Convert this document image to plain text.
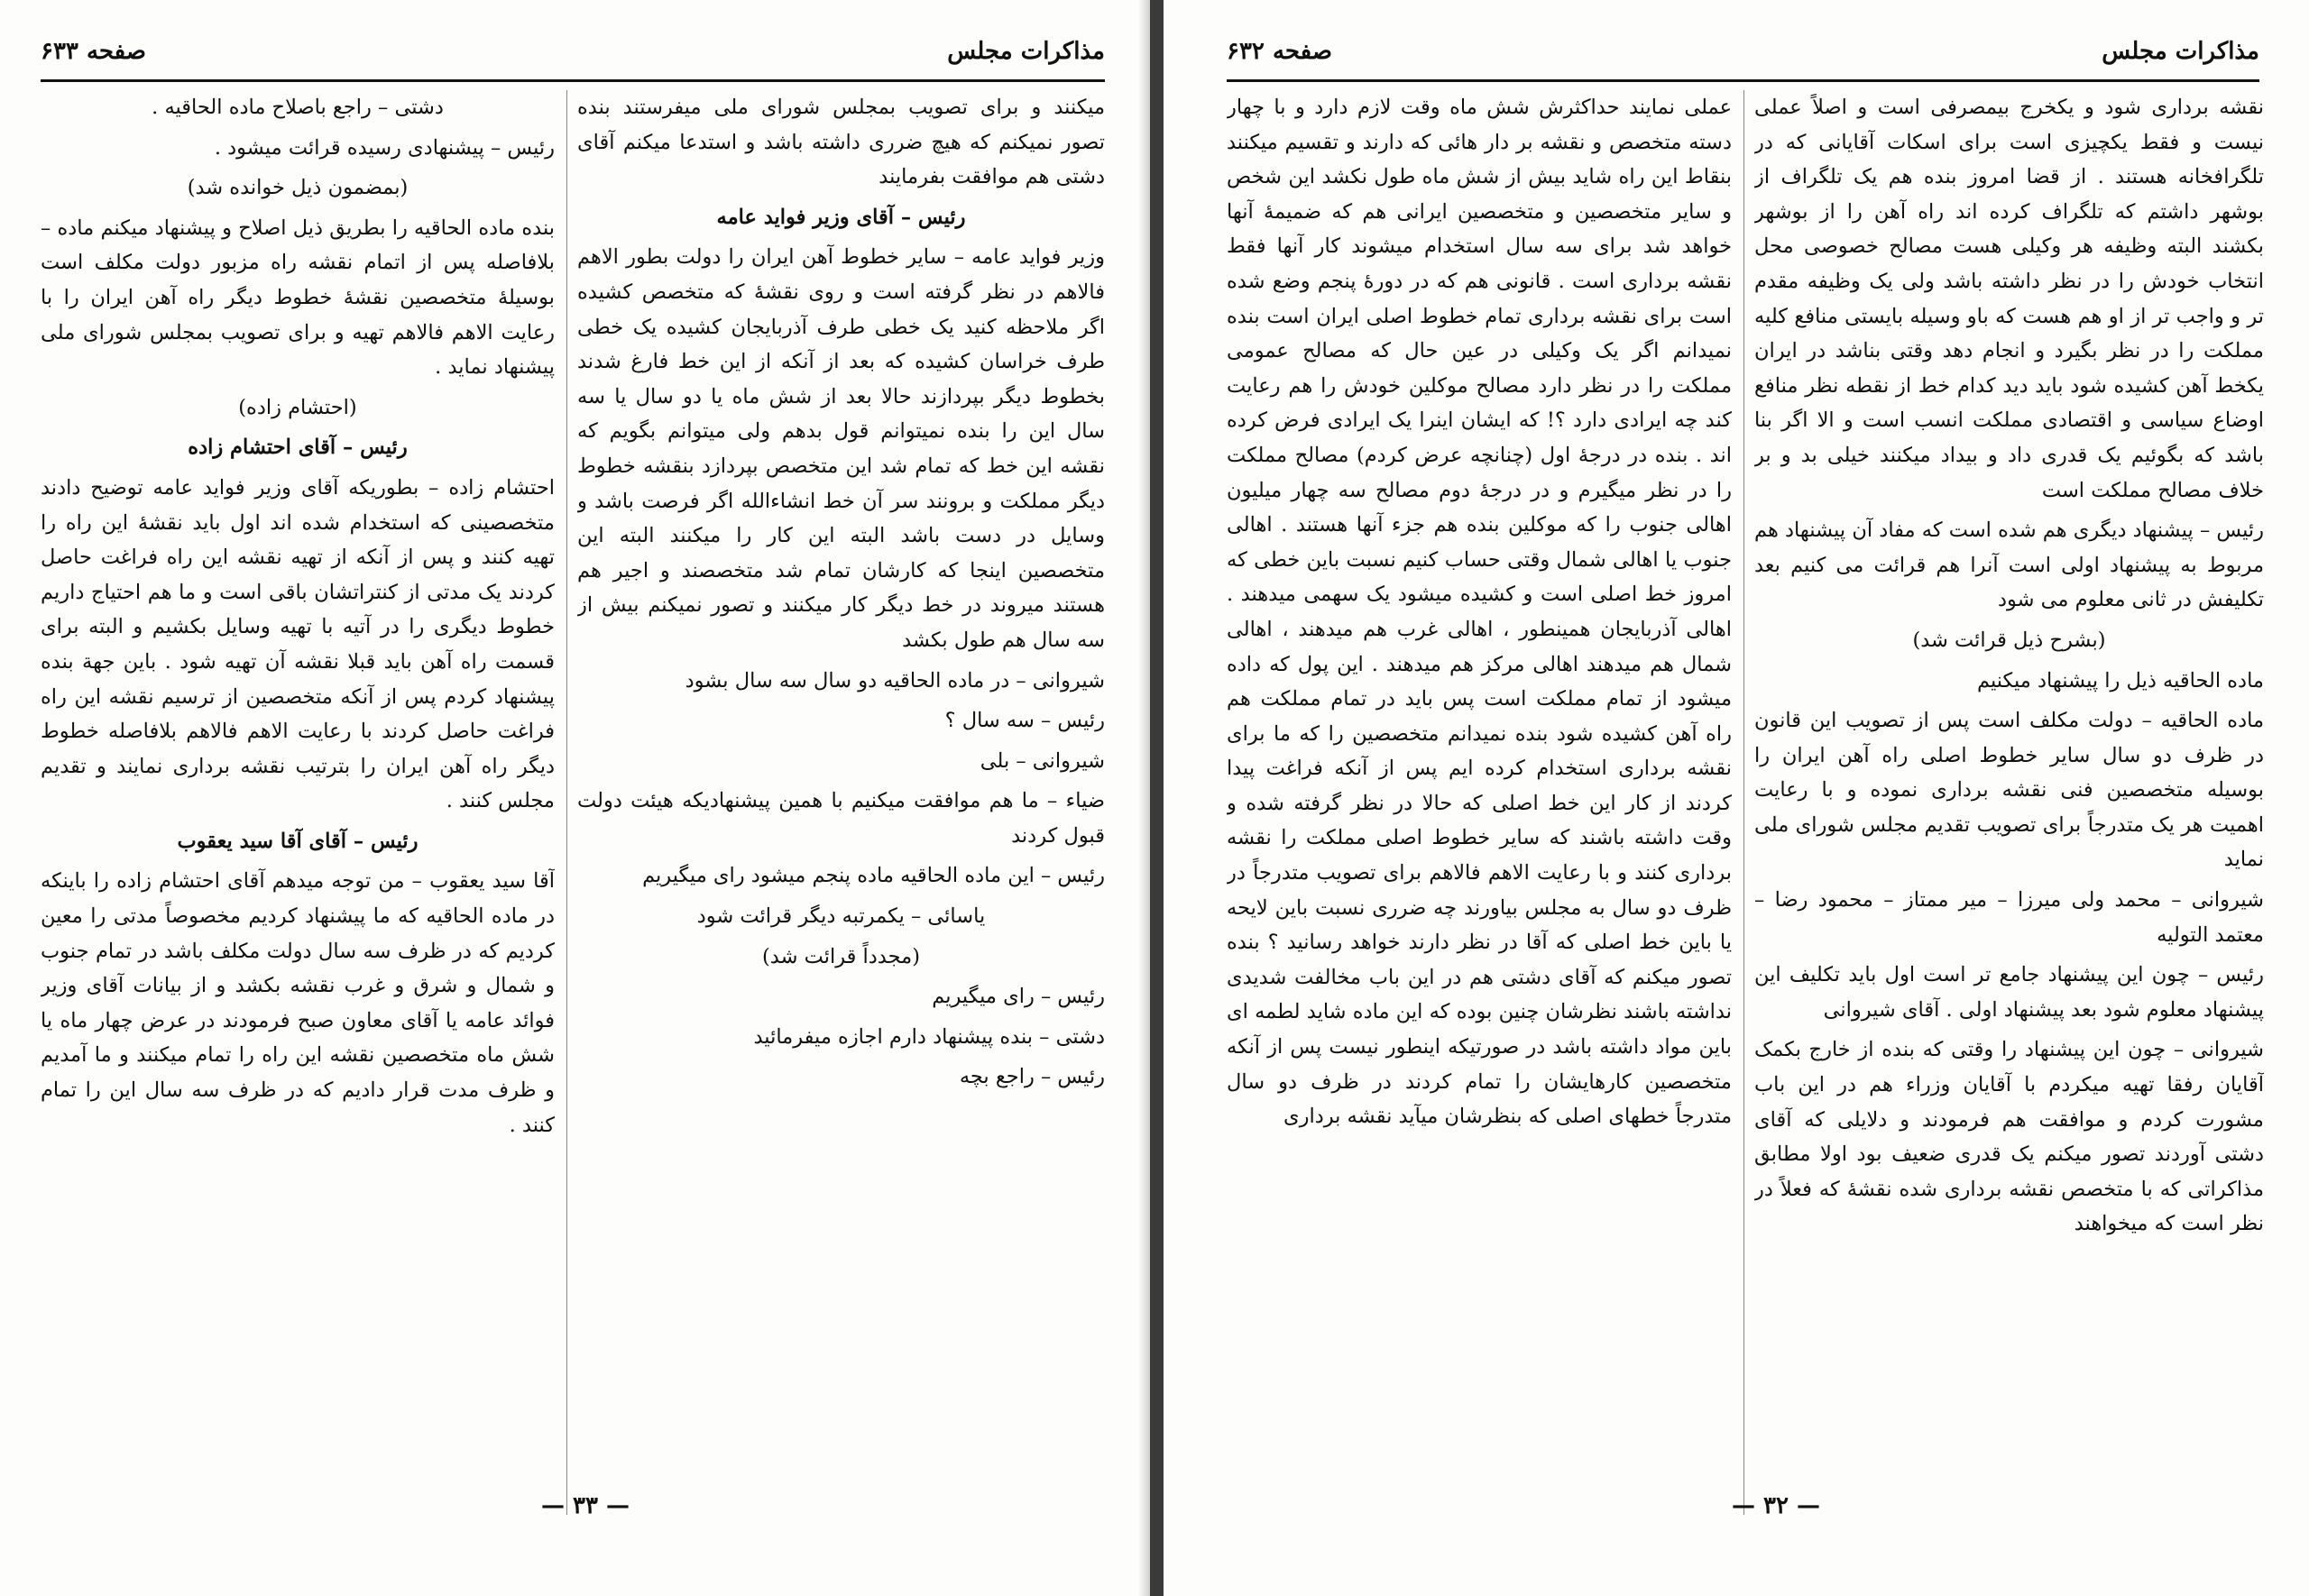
مذاکرات مجلس
صفحه ۶۳۳

میکنند و برای تصویب بمجلس شورای ملی میفرستند بنده تصور نمیکنم که هیچ ضرری داشته باشد و استدعا میکنم آقای دشتی هم موافقت بفرمایند

رئیس – آقای وزیر فواید عامه

وزیر فواید عامه – سایر خطوط آهن ایران را دولت بطور الاهم فالاهم در نظر گرفته است و روی نقشهٔ که متخصص کشیده اگر ملاحظه کنید یک خطی طرف آذربایجان کشیده یک خطی طرف خراسان کشیده که بعد از آنکه از این خط فارغ شدند بخطوط دیگر بپردازند حالا بعد از شش ماه یا دو سال یا سه سال این را بنده نمیتوانم قول بدهم ولی میتوانم بگویم که نقشه این خط که تمام شد این متخصص بپردازد بنقشه خطوط دیگر مملکت و برونند سر آن خط انشاءالله اگر فرصت باشد و وسایل در دست باشد البته این کار را میکنند البته این متخصصین اینجا که کارشان تمام شد متخصصند و اجیر هم هستند میروند در خط دیگر کار میکنند و تصور نمیکنم بیش از سه سال هم طول بکشد

شیروانی – در ماده الحاقیه دو سال سه سال بشود

رئیس – سه سال ؟

شیروانی – بلی

ضیاء – ما هم موافقت میکنیم با همین پیشنهادیکه هیئت دولت قبول کردند

رئیس – این ماده الحاقیه ماده پنجم میشود رای میگیریم

یاسائی – یکمرتبه دیگر قرائت شود

(مجدداً قرائت شد)

رئیس – رای میگیریم

دشتی – بنده پیشنهاد دارم اجازه میفرمائید

رئیس – راجع بچه

دشتی – راجع باصلاح ماده الحاقیه .

رئیس – پیشنهادی رسیده قرائت میشود .

(بمضمون ذیل خوانده شد)

بنده ماده الحاقیه را بطریق ذیل اصلاح و پیشنهاد میکنم ماده – بلافاصله پس از اتمام نقشه راه مزبور دولت مکلف است بوسیلهٔ متخصصین نقشهٔ خطوط دیگر راه آهن ایران را با رعایت الاهم فالاهم تهیه و برای تصویب بمجلس شورای ملی پیشنهاد نماید .

(احتشام زاده)

رئیس – آقای احتشام زاده

احتشام زاده – بطوریکه آقای وزیر فواید عامه توضیح دادند متخصصینی که استخدام شده اند اول باید نقشهٔ این راه را تهیه کنند و پس از آنکه از تهیه نقشه این راه فراغت حاصل کردند یک مدتی از کنتراتشان باقی است و ما هم احتیاج داریم خطوط دیگری را در آتیه با تهیه وسایل بکشیم و البته برای قسمت راه آهن باید قبلا نقشه آن تهیه شود . باین جهة بنده پیشنهاد کردم پس از آنکه متخصصین از ترسیم نقشه این راه فراغت حاصل کردند با رعایت الاهم فالاهم بلافاصله خطوط دیگر راه آهن ایران را بترتیب نقشه برداری نمایند و تقدیم مجلس کنند .

رئیس – آقای آقا سید یعقوب

آقا سید یعقوب – من توجه میدهم آقای احتشام زاده را باینکه در ماده الحاقیه که ما پیشنهاد کردیم مخصوصاً مدتی را معین کردیم که در ظرف سه سال دولت مکلف باشد در تمام جنوب و شمال و شرق و غرب نقشه بکشد و از بیانات آقای وزیر فوائد عامه یا آقای معاون صبح فرمودند در عرض چهار ماه یا شش ماه متخصصین نقشه این راه را تمام میکنند و ما آمدیم و ظرف مدت قرار دادیم که در ظرف سه سال این را تمام کنند .

— ۳۳ —
مذاکرات مجلس
صفحه ۶۳۲

نقشه برداری شود و یکخرج بیمصرفی است و اصلاً عملی نیست و فقط یکچیزی است برای اسکات آقایانی که در تلگرافخانه هستند . از قضا امروز بنده هم یک تلگراف از بوشهر داشتم که تلگراف کرده اند راه آهن را از بوشهر بکشند البته وظیفه هر وکیلی هست مصالح خصوصی محل انتخاب خودش را در نظر داشته باشد ولی یک وظیفه مقدم تر و واجب تر از او هم هست که باو وسیله بایستی منافع کلیه مملکت را در نظر بگیرد و انجام دهد وقتی بناشد در ایران یکخط آهن کشیده شود باید دید کدام خط از نقطه نظر منافع اوضاع سیاسی و اقتصادی مملکت انسب است و الا اگر بنا باشد که بگوئیم یک قدری داد و بیداد میکنند خیلی بد و بر خلاف مصالح مملکت است

رئیس – پیشنهاد دیگری هم شده است که مفاد آن پیشنهاد هم مربوط به پیشنهاد اولی است آنرا هم قرائت می کنیم بعد تکلیفش در ثانی معلوم می شود

(بشرح ذیل قرائت شد)

ماده الحاقیه ذیل را پیشنهاد میکنیم

ماده الحاقیه – دولت مکلف است پس از تصویب این قانون در ظرف دو سال سایر خطوط اصلی راه آهن ایران را بوسیله متخصصین فنی نقشه برداری نموده و با رعایت اهمیت هر یک متدرجاً برای تصویب تقدیم مجلس شورای ملی نماید

شیروانی – محمد ولی میرزا – میر ممتاز – محمود رضا – معتمد التولیه

رئیس – چون این پیشنهاد جامع تر است اول باید تکلیف این پیشنهاد معلوم شود بعد پیشنهاد اولی . آقای شیروانی

شیروانی – چون این پیشنهاد را وقتی که بنده از خارج بکمک آقایان رفقا تهیه میکردم با آقایان وزراء هم در این باب مشورت کردم و موافقت هم فرمودند و دلایلی که آقای دشتی آوردند تصور میکنم یک قدری ضعیف بود اولا مطابق مذاکراتی که با متخصص نقشه برداری شده نقشهٔ که فعلاً در نظر است که میخواهند

عملی نمایند حداکثرش شش ماه وقت لازم دارد و با چهار دسته متخصص و نقشه بر دار هائی که دارند و تقسیم میکنند بنقاط این راه شاید بیش از شش ماه طول نکشد این شخص و سایر متخصصین و متخصصین ایرانی هم که ضمیمهٔ آنها خواهد شد برای سه سال استخدام میشوند کار آنها فقط نقشه برداری است . قانونی هم که در دورهٔ پنجم وضع شده است برای نقشه برداری تمام خطوط اصلی ایران است بنده نمیدانم اگر یک وکیلی در عین حال که مصالح عمومی مملکت را در نظر دارد مصالح موکلین خودش را هم رعایت کند چه ایرادی دارد ؟! که ایشان اینرا یک ایرادی فرض کرده اند . بنده در درجهٔ اول (چنانچه عرض کردم) مصالح مملکت را در نظر میگیرم و در درجهٔ دوم مصالح سه چهار میلیون اهالی جنوب را که موکلین بنده هم جزء آنها هستند . اهالی جنوب یا اهالی شمال وقتی حساب کنیم نسبت باین خطی که امروز خط اصلی است و کشیده میشود یک سهمی میدهند . اهالی آذربایجان همینطور ، اهالی غرب هم میدهند ، اهالی شمال هم میدهند اهالی مرکز هم میدهند . این پول که داده میشود از تمام مملکت است پس باید در تمام مملکت هم راه آهن کشیده شود بنده نمیدانم متخصصین را که ما برای نقشه برداری استخدام کرده ایم پس از آنکه فراغت پیدا کردند از کار این خط اصلی که حالا در نظر گرفته شده و وقت داشته باشند که سایر خطوط اصلی مملکت را نقشه برداری کنند و با رعایت الاهم فالاهم برای تصویب متدرجاً در ظرف دو سال به مجلس بیاورند چه ضرری نسبت باین لایحه یا باین خط اصلی که آقا در نظر دارند خواهد رسانید ؟ بنده تصور میکنم که آقای دشتی هم در این باب مخالفت شدیدی نداشته باشند نظرشان چنین بوده که این ماده شاید لطمه ای باین مواد داشته باشد در صورتیکه اینطور نیست پس از آنکه متخصصین کارهایشان را تمام کردند در ظرف دو سال متدرجاً خطهای اصلی که بنظرشان میآید نقشه برداری

— ۳۲ —
